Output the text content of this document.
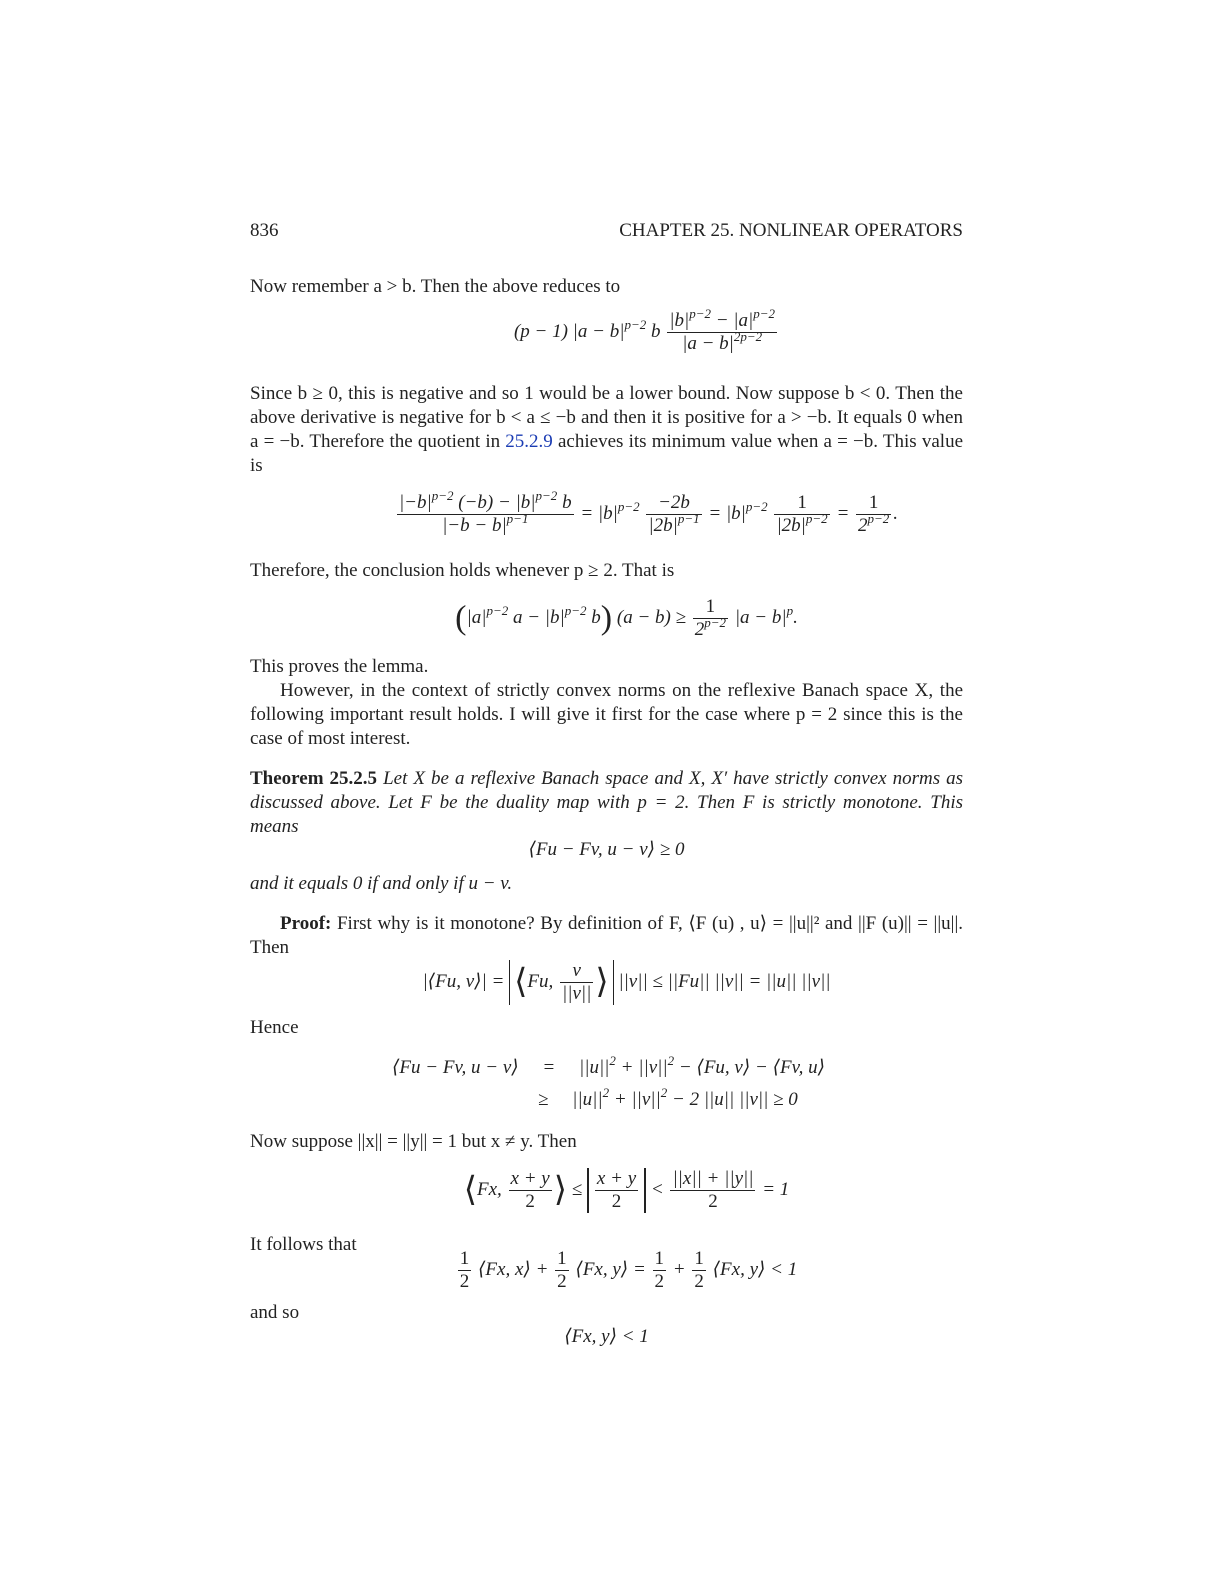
836	CHAPTER 25. NONLINEAR OPERATORS
Now remember a > b. Then the above reduces to
(p − 1) $|a - b|^{p-2}$ b $\frac{|b|^{p-2} - |a|^{p-2}}{|a - b|^{2p-2}}$
Since b ≥ 0, this is negative and so 1 would be a lower bound. Now suppose b < 0. Then the above derivative is negative for b < a ≤ −b and then it is positive for a > −b. It equals 0 when a = −b. Therefore the quotient in 25.2.9 achieves its minimum value when a = −b. This value is
$\frac{|-b|^{p-2} (-b) - |b|^{p-2} b}{|-b - b|^{p-1}} = |b|^{p-2} \frac{-2b}{|2b|^{p-1}} = |b|^{p-2} \frac{1}{|2b|^{p-2}} = \frac{1}{2^{p-2}}$ .
Therefore, the conclusion holds whenever p ≥ 2. That is
($|a|^{p-2}$ $a - |b|^{p-2}$ b) $(a - b) \ge \frac{1}{2^{p-2}} |a - b|^p$.
This proves the lemma.
However, in the context of strictly convex norms on the reflexive Banach space X, the following important result holds. I will give it first for the case where p = 2 since this is the case of most interest.
Theorem 25.2.5 Let X be a reflexive Banach space and X, X′ have strictly convex norms as discussed above. Let F be the duality map with p = 2. Then F is strictly monotone. This means
⟨Fu − Fv, u − v⟩ ≥ 0
and it equals 0 if and only if u − v.
Proof: First why is it monotone? By definition of F, ⟨F (u) , u⟩ = ||u||² and ||F (u)|| = ||u||. Then
|⟨Fu, v⟩| = ⟨Fu, $\frac{v}{||v||}$ ⟩ ||v|| ≤ ||Fu|| ||v|| = ||u|| ||v||
Hence
⟨Fu − Fv, u − v⟩     =     $||u||^2 + ||v||^2$ − ⟨Fu, v⟩ − ⟨Fv, u⟩
≥     $||u||^2 + ||v||^2 - 2$ ||u|| ||v|| ≥ 0
Now suppose ||x|| = ||y|| = 1 but x ≠ y. Then
⟨Fx, $\frac{x + y}{2}$ ⟩ ≤ $\frac{x + y}{2} < \frac{||x|| + ||y||}{2} = 1$
It follows that
$\frac{1}{2}$ ⟨Fx, x⟩ + $\frac{1}{2}$ ⟨Fx, y⟩ = $\frac{1}{2} + \frac{1}{2}$ ⟨Fx, y⟩ < 1
and so
⟨Fx, y⟩ < 1
